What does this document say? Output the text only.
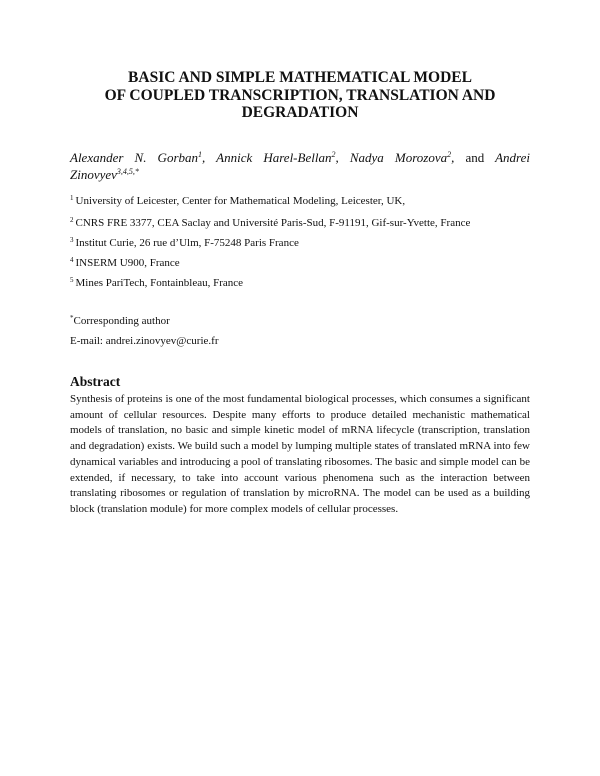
BASIC AND SIMPLE MATHEMATICAL MODEL
OF COUPLED TRANSCRIPTION, TRANSLATION AND
DEGRADATION
Alexander N. Gorban$^1$, Annick Harel-Bellan$^2$, Nadya Morozova$^2$, and Andrei Zinovyev$^{3,4,5,*}$
$^1$ University of Leicester, Center for Mathematical Modeling, Leicester, UK,
$^2$ CNRS FRE 3377, CEA Saclay and Université Paris-Sud, F-91191, Gif-sur-Yvette, France
$^3$ Institut Curie, 26 rue d’Ulm, F-75248 Paris France
$^4$ INSERM U900, France
$^5$ Mines PariTech, Fontainbleau, France
*Corresponding author
E-mail: andrei.zinovyev@curie.fr
Abstract
Synthesis of proteins is one of the most fundamental biological processes, which consumes a significant amount of cellular resources. Despite many efforts to produce detailed mechanistic mathematical models of translation, no basic and simple kinetic model of mRNA lifecycle (transcription, translation and degradation) exists. We build such a model by lumping multiple states of translated mRNA into few dynamical variables and introducing a pool of translating ribosomes. The basic and simple model can be extended, if necessary, to take into account various phenomena such as the interaction between translating ribosomes or regulation of translation by microRNA. The model can be used as a building block (translation module) for more complex models of cellular processes.
